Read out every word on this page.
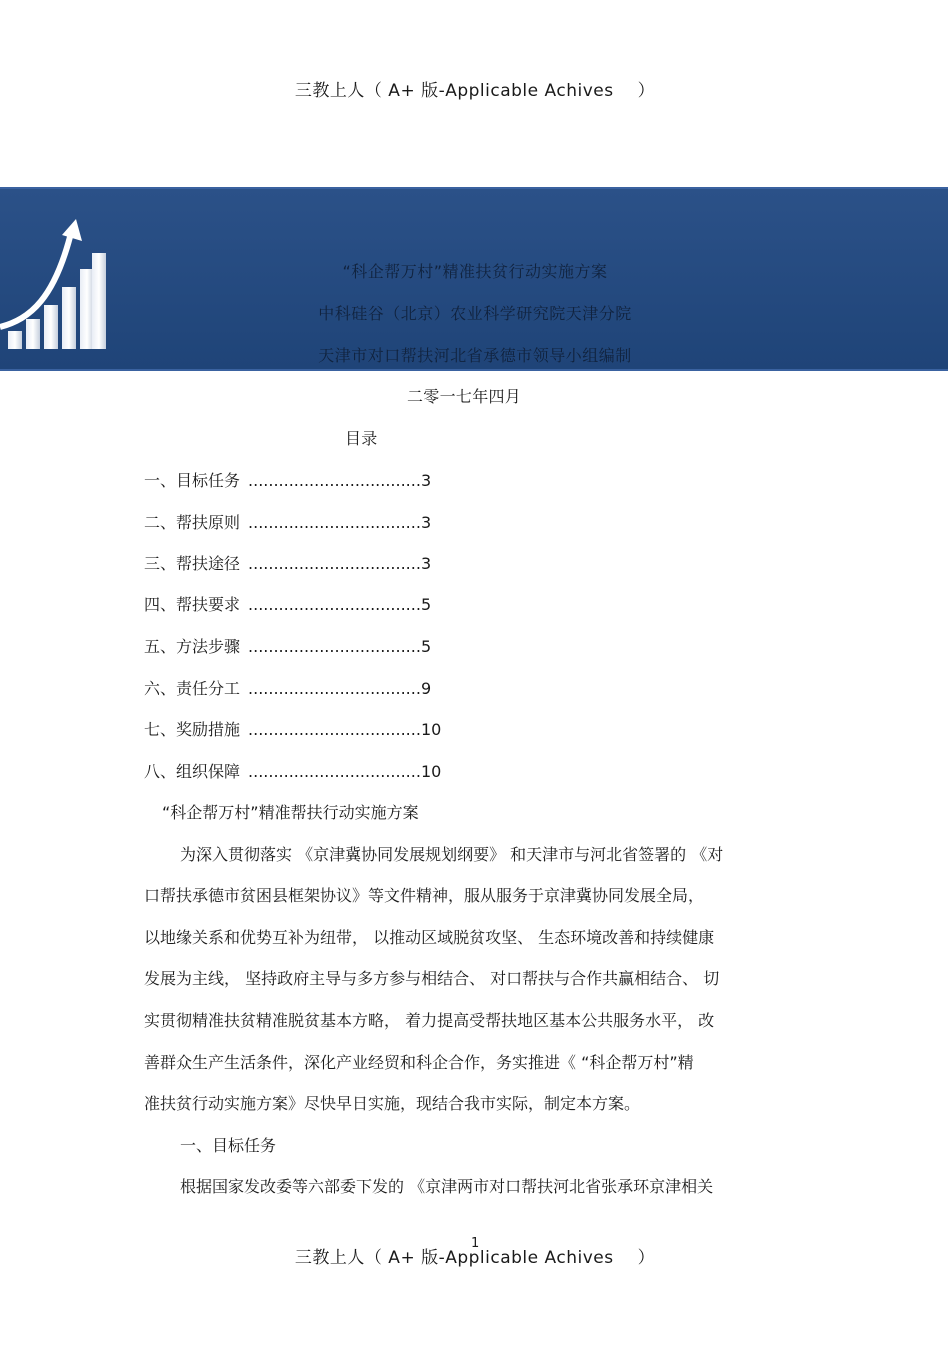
三教上人（ A+ 版-Applicable Achives ）
“科企帮万村”精准扶贫行动实施方案
中科硅谷（北京）农业科学研究院天津分院
天津市对口帮扶河北省承德市领导小组编制
二零一七年四月
目录
一、目标任务 ..................................3
二、帮扶原则 ..................................3
三、帮扶途径 ..................................3
四、帮扶要求 ..................................5
五、方法步骤 ..................................5
六、责任分工 ..................................9
七、奖励措施 ..................................10
八、组织保障 ..................................10
“科企帮万村”精准帮扶行动实施方案
为深入贯彻落实 《京津冀协同发展规划纲要》 和天津市与河北省签署的 《对
口帮扶承德市贫困县框架协议》等文件精神，服从服务于京津冀协同发展全局，
以地缘关系和优势互补为纽带， 以推动区域脱贫攻坚、 生态环境改善和持续健康
发展为主线， 坚持政府主导与多方参与相结合、 对口帮扶与合作共赢相结合、 切
实贯彻精准扶贫精准脱贫基本方略， 着力提高受帮扶地区基本公共服务水平， 改
善群众生产生活条件，深化产业经贸和科企合作，务实推进《 “科企帮万村”精
准扶贫行动实施方案》尽快早日实施，现结合我市实际，制定本方案。
一、目标任务
根据国家发改委等六部委下发的 《京津两市对口帮扶河北省张承环京津相关
1
三教上人（ A+ 版-Applicable Achives ）
